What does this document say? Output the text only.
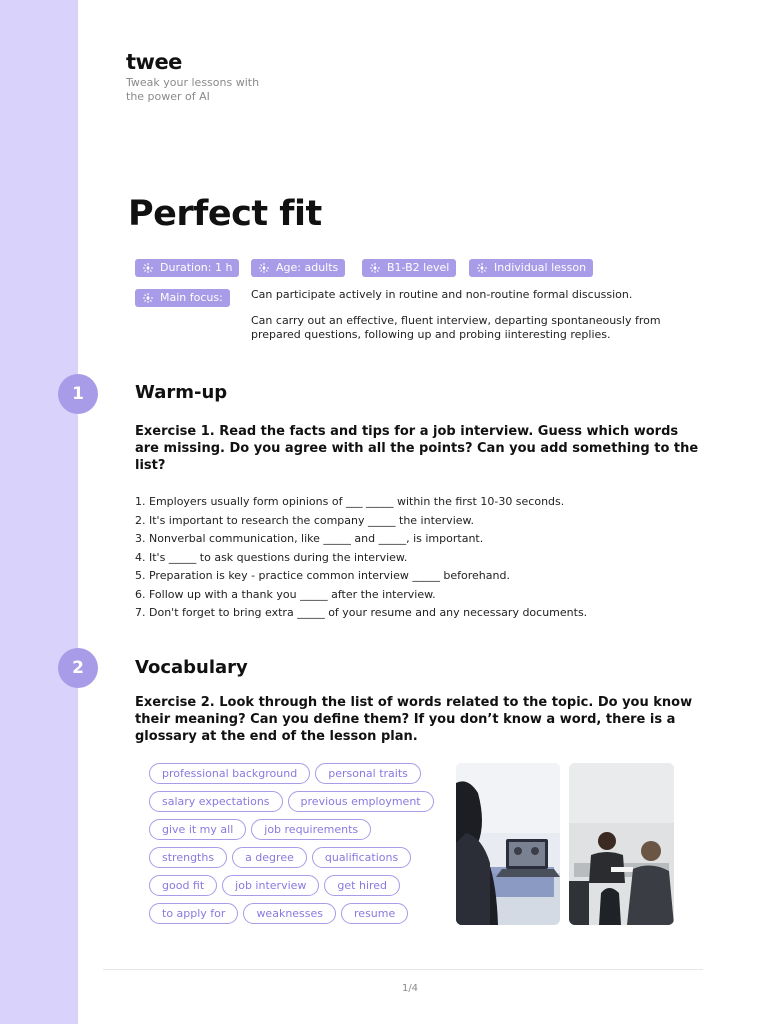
twee
Tweak your lessons with the power of AI
Perfect fit
Duration: 1 h	Age: adults	B1-B2 level	Individual lesson
Main focus:	Can participate actively in routine and non-routine formal discussion.
Can carry out an effective, fluent interview, departing spontaneously from prepared questions, following up and probing iinteresting replies.
1	Warm-up
Exercise 1. Read the facts and tips for a job interview. Guess which words are missing. Do you agree with all the points? Can you add something to the list?
1. Employers usually form opinions of ___ _____ within the first 10-30 seconds.
2. It's important to research the company _____ the interview.
3. Nonverbal communication, like _____ and _____, is important.
4. It's _____ to ask questions during the interview.
5. Preparation is key - practice common interview _____ beforehand.
6. Follow up with a thank you _____ after the interview.
7. Don't forget to bring extra _____ of your resume and any necessary documents.
2	Vocabulary
Exercise 2. Look through the list of words related to the topic. Do you know their meaning? Can you define them? If you don’t know a word, there is a glossary at the end of the lesson plan.
professional background	personal traits
salary expectations	previous employment
give it my all	job requirements
strengths	a degree	qualifications
good fit	job interview	get hired
to apply for	weaknesses	resume
1/4
